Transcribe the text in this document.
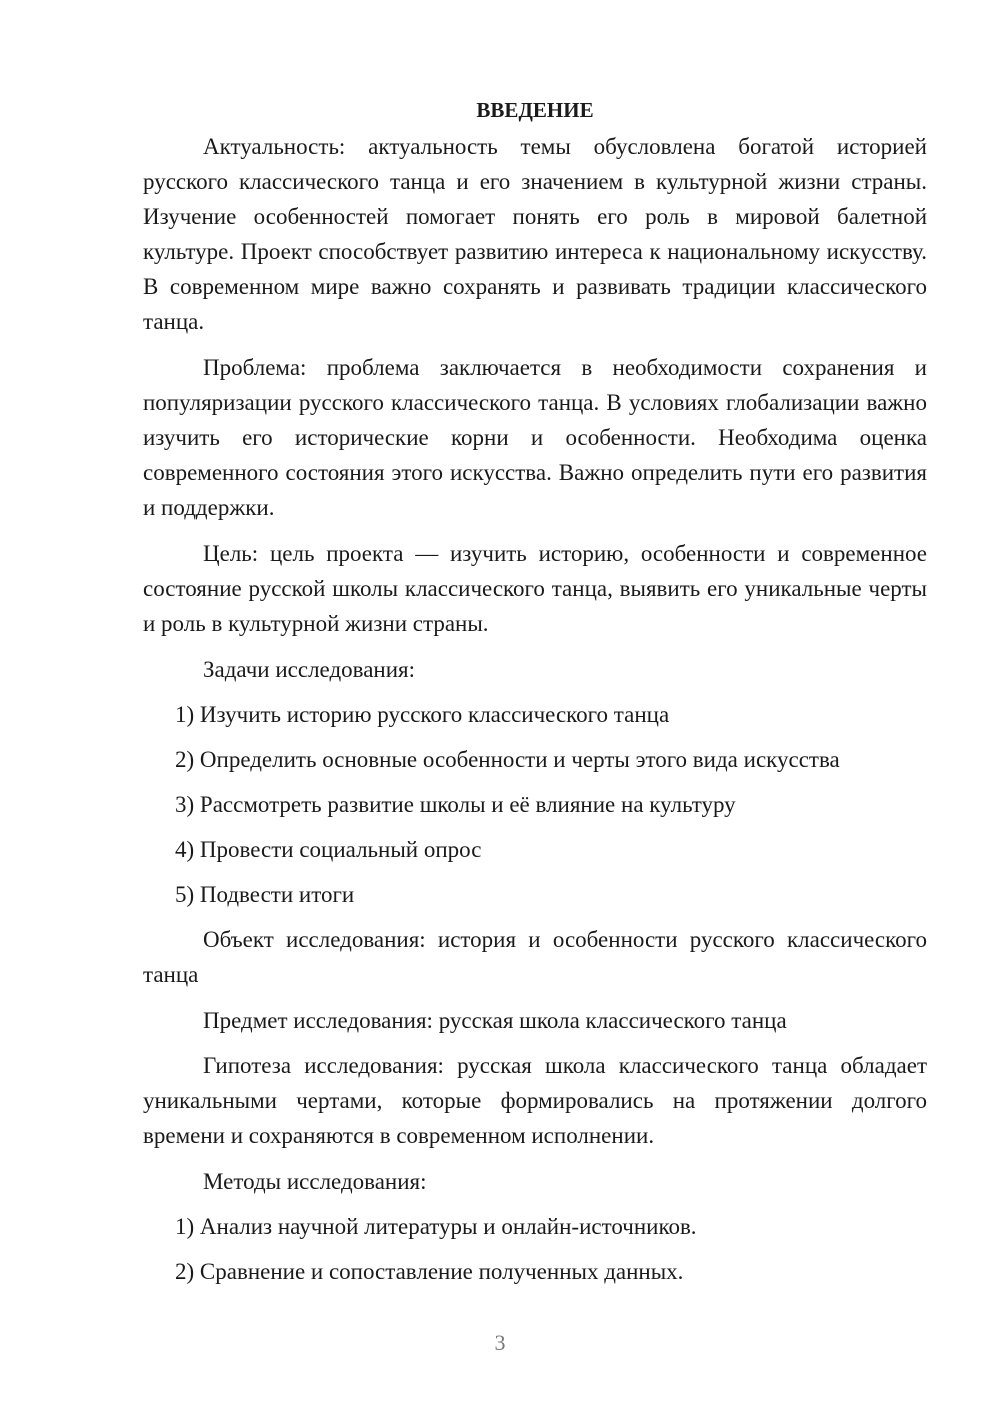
ВВЕДЕНИЕ

Актуальность: актуальность темы обусловлена богатой историей русского классического танца и его значением в культурной жизни страны. Изучение особенностей помогает понять его роль в мировой балетной культуре. Проект способствует развитию интереса к национальному искусству. В современном мире важно сохранять и развивать традиции классического танца.

Проблема: проблема заключается в необходимости сохранения и популяризации русского классического танца. В условиях глобализации важно изучить его исторические корни и особенности. Необходима оценка современного состояния этого искусства. Важно определить пути его развития и поддержки.

Цель: цель проекта — изучить историю, особенности и современное состояние русской школы классического танца, выявить его уникальные черты и роль в культурной жизни страны.

Задачи исследования:

1) Изучить историю русского классического танца
2) Определить основные особенности и черты этого вида искусства
3) Рассмотреть развитие школы и её влияние на культуру
4) Провести социальный опрос
5) Подвести итоги

Объект исследования: история и особенности русского классического танца

Предмет исследования: русская школа классического танца

Гипотеза исследования: русская школа классического танца обладает уникальными чертами, которые формировались на протяжении долгого времени и сохраняются в современном исполнении.

Методы исследования:

1) Анализ научной литературы и онлайн-источников.
2) Сравнение и сопоставление полученных данных.
3
